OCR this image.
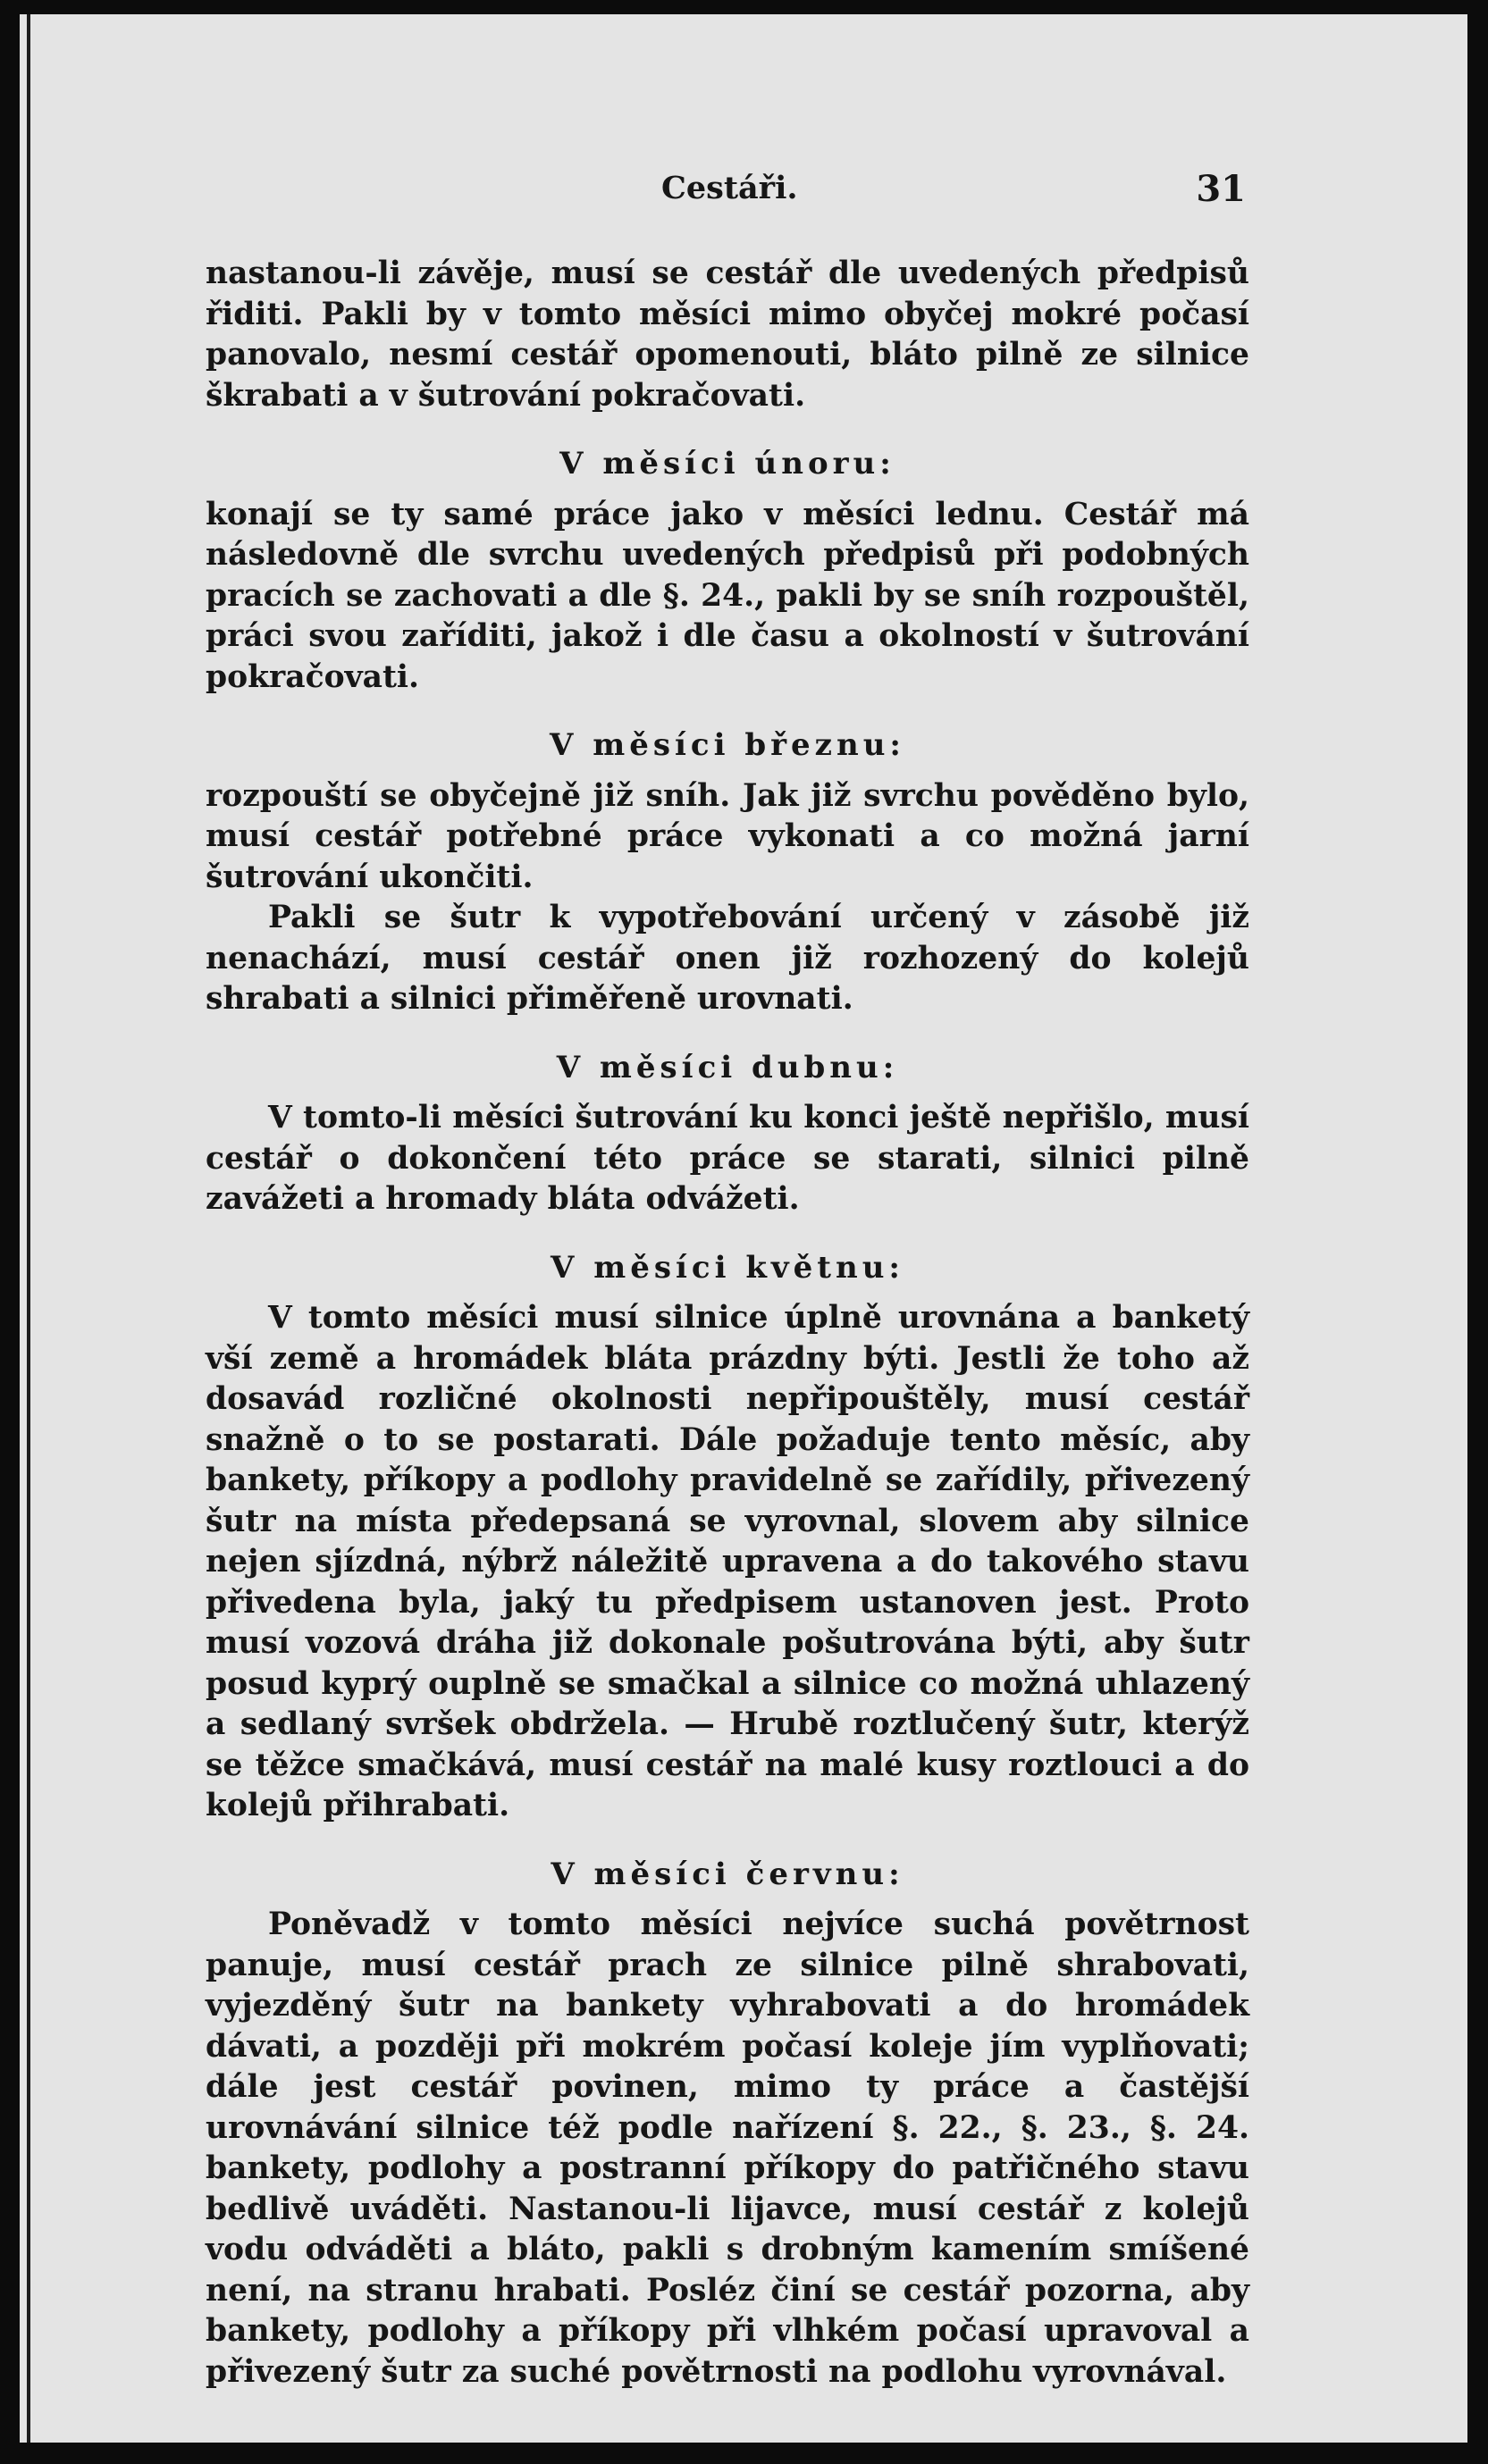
Cestáři.	31

nastanou-li závěje, musí se cestář dle uvedených předpisů řiditi. Pakli by v tomto měsíci mimo obyčej mokré počasí panovalo, nesmí cestář opomenouti, bláto pilně ze silnice škrabati a v šutrování pokračovati.

V měsíci únoru:

konají se ty samé práce jako v měsíci lednu. Cestář má následovně dle svrchu uvedených předpisů při podobných pracích se zachovati a dle §. 24., pakli by se sníh rozpouštěl, práci svou zaříditi, jakož i dle času a okolností v šutrování pokračovati.

V měsíci březnu:

rozpouští se obyčejně již sníh. Jak již svrchu pověděno bylo, musí cestář potřebné práce vykonati a co možná jarní šutrování ukončiti.

Pakli se šutr k vypotřebování určený v zásobě již nenachází, musí cestář onen již rozhozený do kolejů shrabati a silnici přiměřeně urovnati.

V měsíci dubnu:

V tomto-li měsíci šutrování ku konci ještě nepřišlo, musí cestář o dokončení této práce se starati, silnici pilně zavážeti a hromady bláta odvážeti.

V měsíci květnu:

V tomto měsíci musí silnice úplně urovnána a banketý vší země a hromádek bláta prázdny býti. Jestli že toho až dosavád rozličné okolnosti nepřipouštěly, musí cestář snažně o to se postarati. Dále požaduje tento měsíc, aby bankety, příkopy a podlohy pravidelně se zařídily, přivezený šutr na místa předepsaná se vyrovnal, slovem aby silnice nejen sjízdná, nýbrž náležitě upravena a do takového stavu přivedena byla, jaký tu předpisem ustanoven jest. Proto musí vozová dráha již dokonale pošutrována býti, aby šutr posud kyprý ouplně se smačkal a silnice co možná uhlazený a sedlaný svršek obdržela. — Hrubě roztlučený šutr, kterýž se těžce smačkává, musí cestář na malé kusy roztlouci a do kolejů přihrabati.

V měsíci červnu:

Poněvadž v tomto měsíci nejvíce suchá povětrnost panuje, musí cestář prach ze silnice pilně shrabovati, vyjezděný šutr na bankety vyhrabovati a do hromádek dávati, a později při mokrém počasí koleje jím vyplňovati; dále jest cestář povinen, mimo ty práce a častější urovnávání silnice též podle nařízení §. 22., §. 23., §. 24. bankety, podlohy a postranní příkopy do patřičného stavu bedlivě uváděti. Nastanou-li lijavce, musí cestář z kolejů vodu odváděti a bláto, pakli s drobným kamením smíšené není, na stranu hrabati. Posléz činí se cestář pozorna, aby bankety, podlohy a příkopy při vlhkém počasí upravoval a přivezený šutr za suché povětrnosti na podlohu vyrovnával.
